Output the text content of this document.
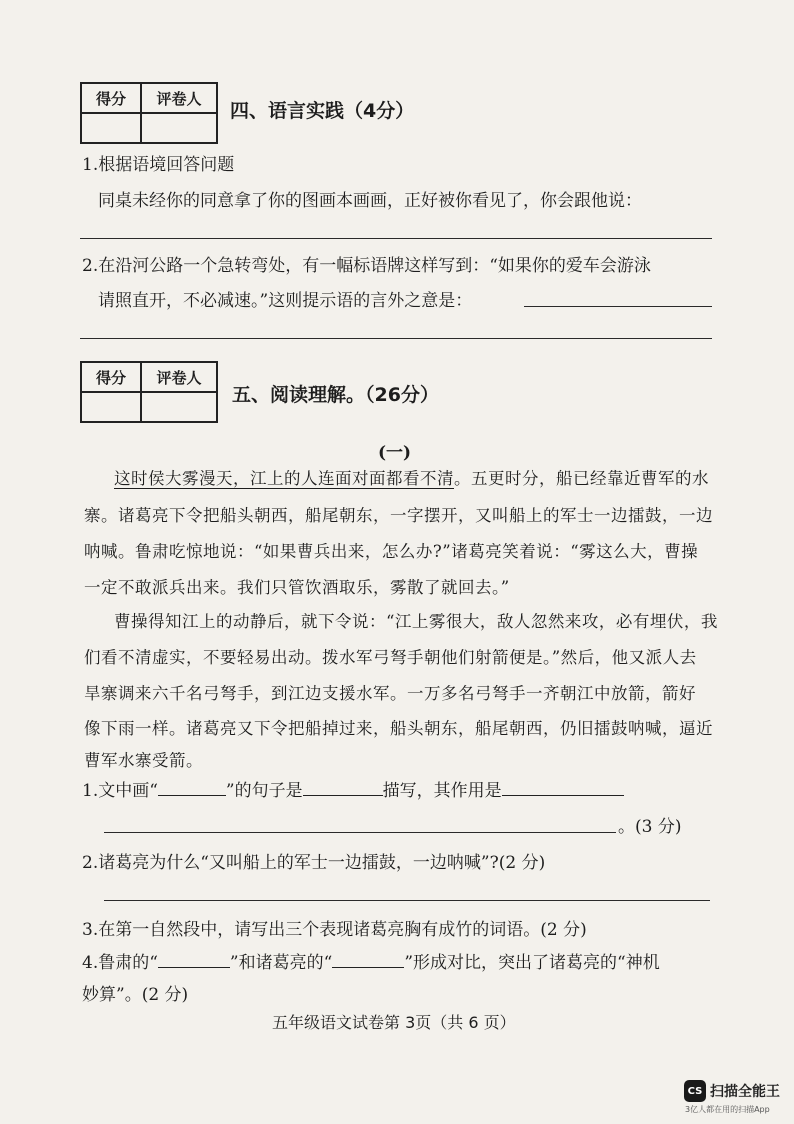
得分	评卷人

四、语言实践（4分）
1.根据语境回答问题
同桌未经你的同意拿了你的图画本画画，正好被你看见了，你会跟他说：
2.在沿河公路一个急转弯处，有一幅标语牌这样写到：“如果你的爱车会游泳
请照直开，不必减速。”这则提示语的言外之意是：
得分	评卷人

五、阅读理解。（26分）
(一)
这时侯大雾漫天，江上的人连面对面都看不清。五更时分，船已经靠近曹军的水
寨。诸葛亮下令把船头朝西，船尾朝东，一字摆开，又叫船上的军士一边擂鼓，一边
呐喊。鲁肃吃惊地说：“如果曹兵出来，怎么办?”诸葛亮笑着说：“雾这么大，曹操
一定不敢派兵出来。我们只管饮酒取乐，雾散了就回去。”
曹操得知江上的动静后，就下令说：“江上雾很大，敌人忽然来攻，必有埋伏，我
们看不清虚实，不要轻易出动。拨水军弓弩手朝他们射箭便是。”然后，他又派人去
旱寨调来六千名弓弩手，到江边支援水军。一万多名弓弩手一齐朝江中放箭，箭好
像下雨一样。诸葛亮又下令把船掉过来，船头朝东，船尾朝西，仍旧擂鼓呐喊，逼近
曹军水寨受箭。
1.文中画“	”的句子是	描写，其作用是
。(3 分)
2.诸葛亮为什么“又叫船上的军士一边擂鼓，一边呐喊”?(2 分)
3.在第一自然段中，请写出三个表现诸葛亮胸有成竹的词语。(2 分)
4.鲁肃的“	”和诸葛亮的“	”形成对比，突出了诸葛亮的“神机
妙算”。(2 分)
五年级语文试卷第 3页（共 6 页）
CS 扫描全能王
3亿人都在用的扫描App
